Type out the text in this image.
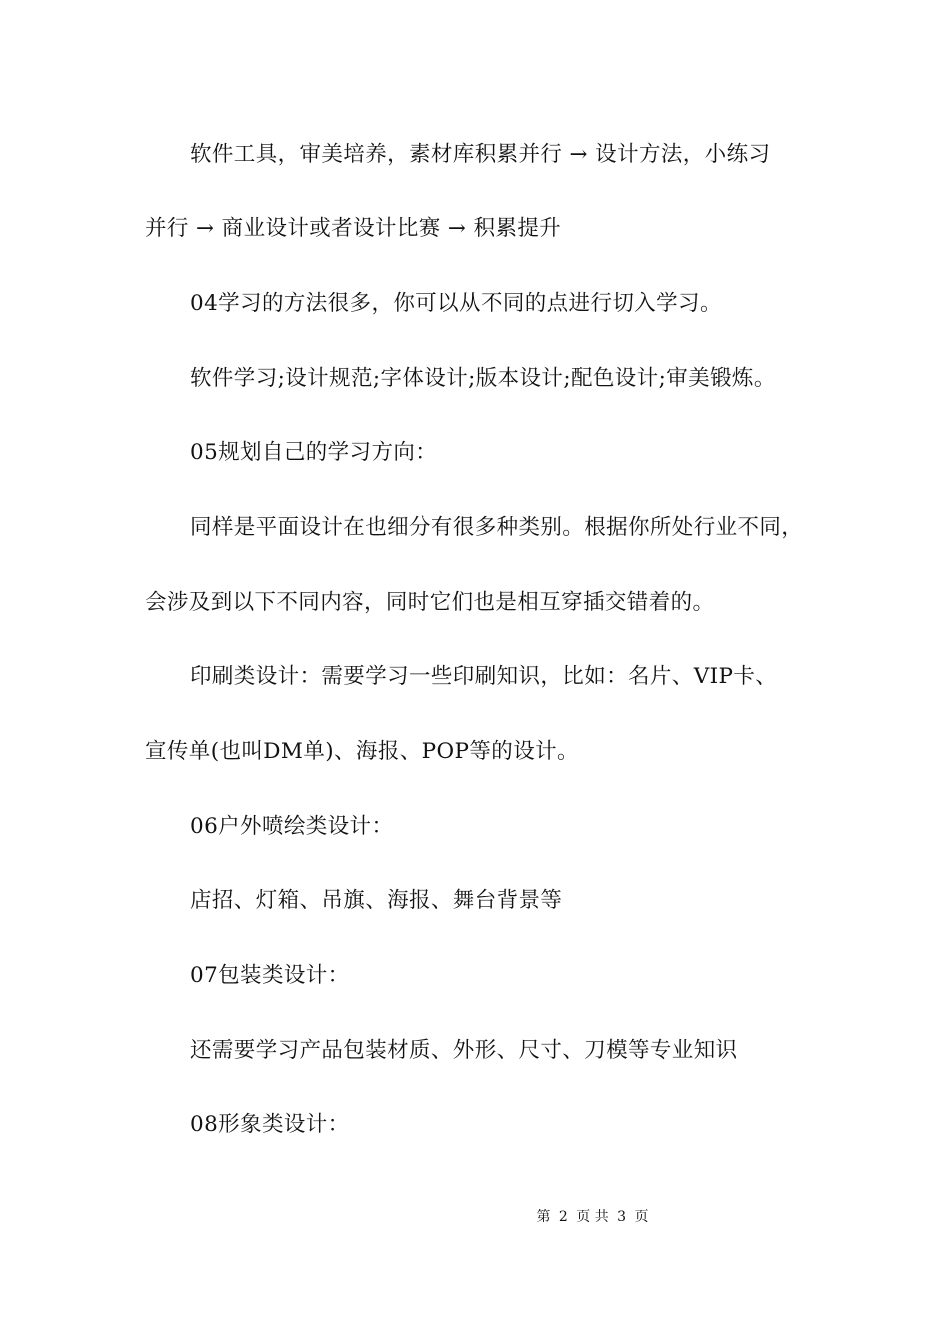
软件工具，审美培养，素材库积累并行 → 设计方法，小练习
并行 → 商业设计或者设计比赛 → 积累提升
04学习的方法很多，你可以从不同的点进行切入学习。
软件学习;设计规范;字体设计;版本设计;配色设计;审美锻炼。
05规划自己的学习方向：
同样是平面设计在也细分有很多种类别。根据你所处行业不同，
会涉及到以下不同内容，同时它们也是相互穿插交错着的。
印刷类设计：需要学习一些印刷知识，比如：名片、VIP卡、
宣传单(也叫DM单)、海报、POP等的设计。
06户外喷绘类设计：
店招、灯箱、吊旗、海报、舞台背景等
07包装类设计：
还需要学习产品包装材质、外形、尺寸、刀模等专业知识
08形象类设计：
第 2 页 共 3 页
